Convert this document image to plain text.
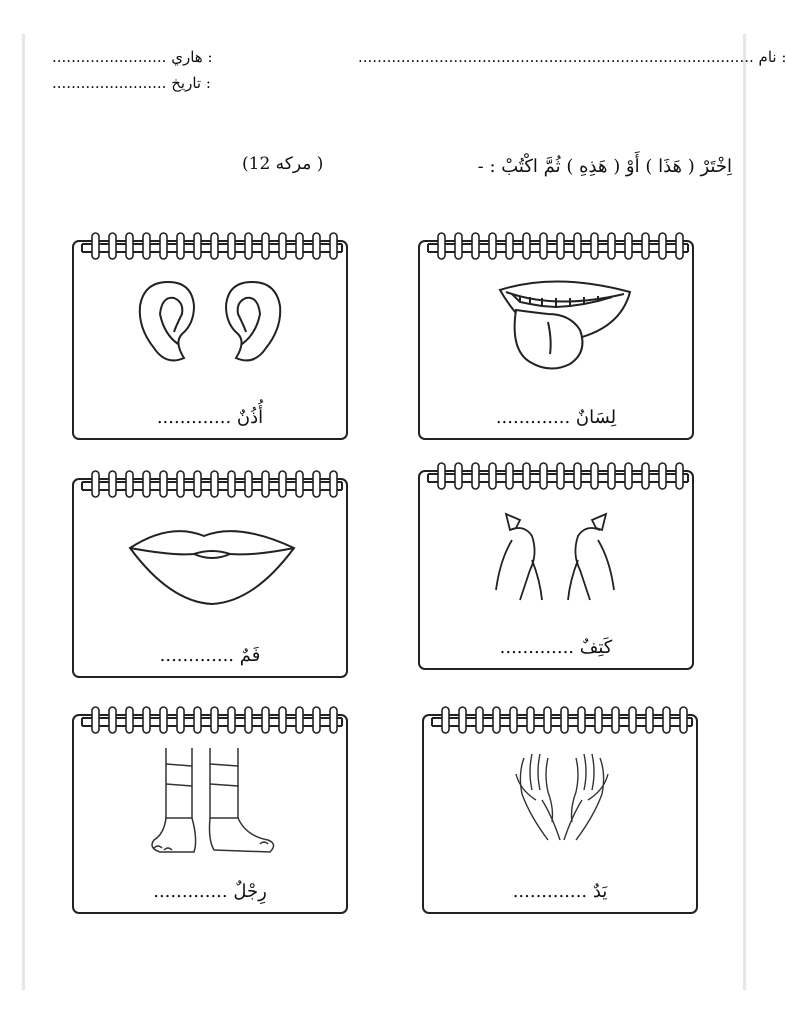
................................................................................... نام :
........................ هاري :
........................ تاريخ :
اِخْتَرْ ( هَذَا ) أَوْ ( هَذِهِ ) ثُمَّ اكْتُبْ : -
(12 مركه )
............. لِسَانٌ
............. أُذُنٌ
............. كَتِفٌ
............. فَمٌ
............. يَدٌ
............. رِجْلٌ
